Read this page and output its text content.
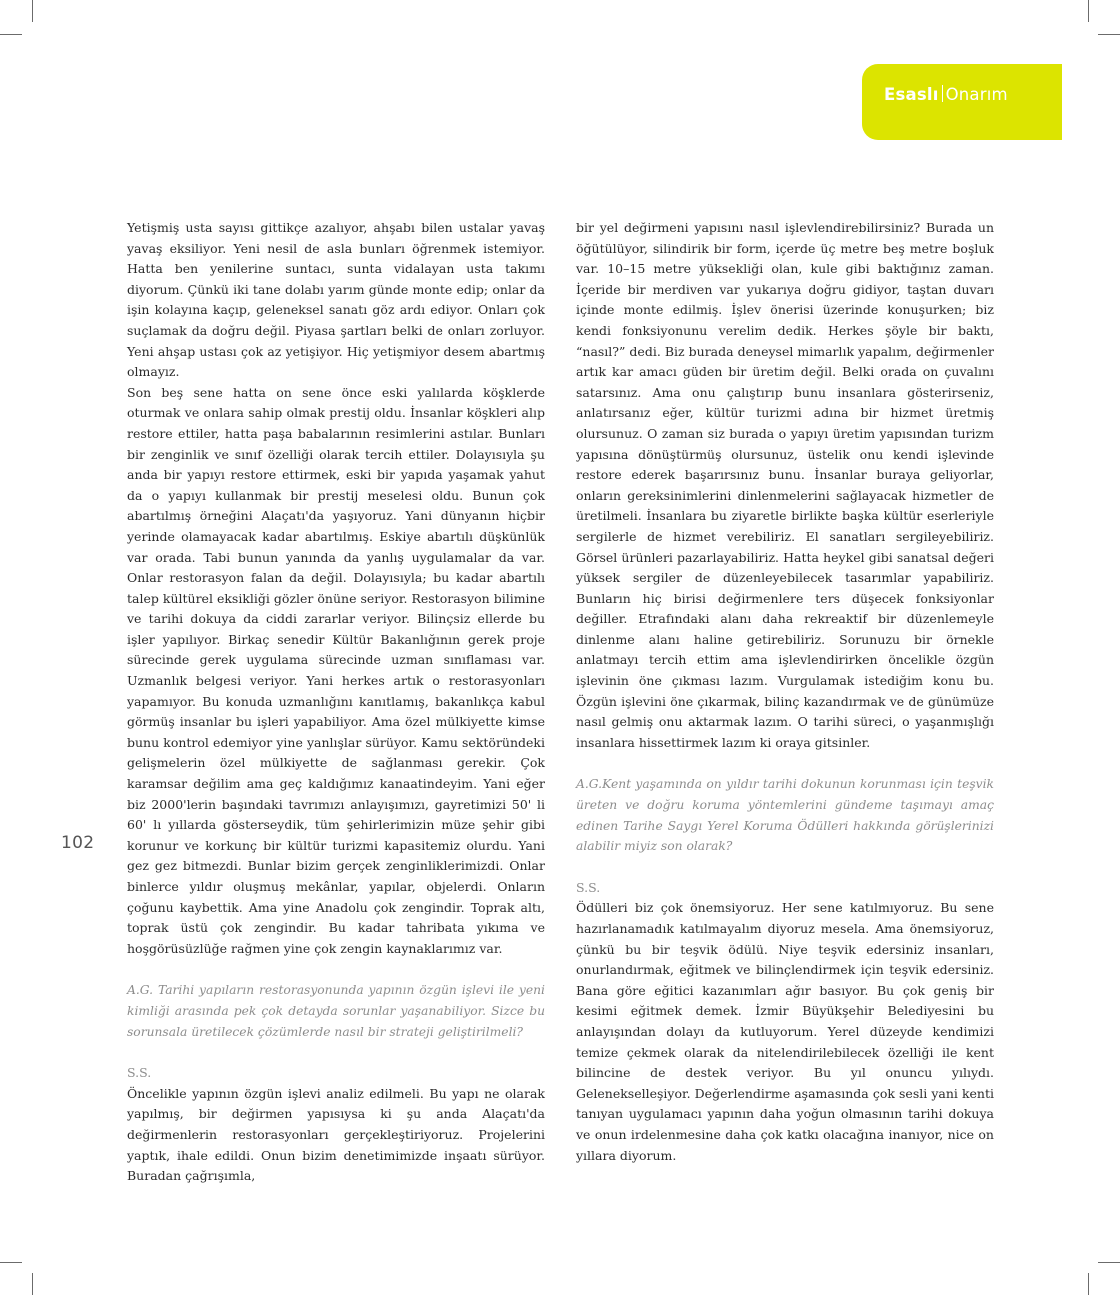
Esaslı Onarım
102

Yetişmiş usta sayısı gittikçe azalıyor, ahşabı bilen ustalar yavaş yavaş eksiliyor. Yeni nesil de asla bunları öğrenmek istemiyor. Hatta ben yenilerine suntacı, sunta vidalayan usta takımı diyorum. Çünkü iki tane dolabı yarım günde monte edip; onlar da işin kolayına kaçıp, geleneksel sanatı göz ardı ediyor. Onları çok suçlamak da doğru değil. Piyasa şartları belki de onları zorluyor. Yeni ahşap ustası çok az yetişiyor. Hiç yetişmiyor desem abartmış olmayız.

Son beş sene hatta on sene önce eski yalılarda köşklerde oturmak ve onlara sahip olmak prestij oldu. İnsanlar köşkleri alıp restore ettiler, hatta paşa babalarının resimlerini astılar. Bunları bir zenginlik ve sınıf özelliği olarak tercih ettiler. Dolayısıyla şu anda bir yapıyı restore ettirmek, eski bir yapıda yaşamak yahut da o yapıyı kullanmak bir prestij meselesi oldu. Bunun çok abartılmış örneğini Alaçatı'da yaşıyoruz. Yani dünyanın hiçbir yerinde olamayacak kadar abartılmış. Eskiye abartılı düşkünlük var orada. Tabi bunun yanında da yanlış uygulamalar da var. Onlar restorasyon falan da değil. Dolayısıyla; bu kadar abartılı talep kültürel eksikliği gözler önüne seriyor. Restorasyon bilimine ve tarihi dokuya da ciddi zararlar veriyor. Bilinçsiz ellerde bu işler yapılıyor. Birkaç senedir Kültür Bakanlığının gerek proje sürecinde gerek uygulama sürecinde uzman sınıflaması var. Uzmanlık belgesi veriyor. Yani herkes artık o restorasyonları yapamıyor. Bu konuda uzmanlığını kanıtlamış, bakanlıkça kabul görmüş insanlar bu işleri yapabiliyor. Ama özel mülkiyette kimse bunu kontrol edemiyor yine yanlışlar sürüyor. Kamu sektöründeki gelişmelerin özel mülkiyette de sağlanması gerekir. Çok karamsar değilim ama geç kaldığımız kanaatindeyim. Yani eğer biz 2000'lerin başındaki tavrımızı anlayışımızı, gayretimizi 50' li 60' lı yıllarda gösterseydik, tüm şehirlerimizin müze şehir gibi korunur ve korkunç bir kültür turizmi kapasitemiz olurdu. Yani gez gez bitmezdi. Bunlar bizim gerçek zenginliklerimizdi. Onlar binlerce yıldır oluşmuş mekânlar, yapılar, objelerdi. Onların çoğunu kaybettik. Ama yine Anadolu çok zengindir. Toprak altı, toprak üstü çok zengindir. Bu kadar tahribata yıkıma ve hoşgörüsüzlüğe rağmen yine çok zengin kaynaklarımız var.

A.G. Tarihi yapıların restorasyonunda yapının özgün işlevi ile yeni kimliği arasında pek çok detayda sorunlar yaşanabiliyor. Sizce bu sorunsala üretilecek çözümlerde nasıl bir strateji geliştirilmeli?

S.S.

Öncelikle yapının özgün işlevi analiz edilmeli. Bu yapı ne olarak yapılmış, bir değirmen yapısıysa ki şu anda Alaçatı'da değirmenlerin restorasyonları gerçekleştiriyoruz. Projelerini yaptık, ihale edildi. Onun bizim denetimimizde inşaatı sürüyor. Buradan çağrışımla,

bir yel değirmeni yapısını nasıl işlevlendirebilirsiniz? Burada un öğütülüyor, silindirik bir form, içerde üç metre beş metre boşluk var. 10–15 metre yüksekliği olan, kule gibi baktığınız zaman. İçeride bir merdiven var yukarıya doğru gidiyor, taştan duvarı içinde monte edilmiş. İşlev önerisi üzerinde konuşurken; biz kendi fonksiyonunu verelim dedik. Herkes şöyle bir baktı, “nasıl?” dedi. Biz burada deneysel mimarlık yapalım, değirmenler artık kar amacı güden bir üretim değil. Belki orada on çuvalını satarsınız. Ama onu çalıştırıp bunu insanlara gösterirseniz, anlatırsanız eğer, kültür turizmi adına bir hizmet üretmiş olursunuz. O zaman siz burada o yapıyı üretim yapısından turizm yapısına dönüştürmüş olursunuz, üstelik onu kendi işlevinde restore ederek başarırsınız bunu. İnsanlar buraya geliyorlar, onların gereksinimlerini dinlenmelerini sağlayacak hizmetler de üretilmeli. İnsanlara bu ziyaretle birlikte başka kültür eserleriyle sergilerle de hizmet verebiliriz. El sanatları sergileyebiliriz. Görsel ürünleri pazarlayabiliriz. Hatta heykel gibi sanatsal değeri yüksek sergiler de düzenleyebilecek tasarımlar yapabiliriz. Bunların hiç birisi değirmenlere ters düşecek fonksiyonlar değiller. Etrafındaki alanı daha rekreaktif bir düzenlemeyle dinlenme alanı haline getirebiliriz. Sorunuzu bir örnekle anlatmayı tercih ettim ama işlevlendirirken öncelikle özgün işlevinin öne çıkması lazım. Vurgulamak istediğim konu bu. Özgün işlevini öne çıkarmak, bilinç kazandırmak ve de günümüze nasıl gelmiş onu aktarmak lazım. O tarihi süreci, o yaşanmışlığı insanlara hissettirmek lazım ki oraya gitsinler.

A.G.Kent yaşamında on yıldır tarihi dokunun korunması için teşvik üreten ve doğru koruma yöntemlerini gündeme taşımayı amaç edinen Tarihe Saygı Yerel Koruma Ödülleri hakkında görüşlerinizi alabilir miyiz son olarak?

S.S.

Ödülleri biz çok önemsiyoruz. Her sene katılmıyoruz. Bu sene hazırlanamadık katılmayalım diyoruz mesela. Ama önemsiyoruz, çünkü bu bir teşvik ödülü. Niye teşvik edersiniz insanları, onurlandırmak, eğitmek ve bilinçlendirmek için teşvik edersiniz. Bana göre eğitici kazanımları ağır basıyor. Bu çok geniş bir kesimi eğitmek demek. İzmir Büyükşehir Belediyesini bu anlayışından dolayı da kutluyorum. Yerel düzeyde kendimizi temize çekmek olarak da nitelendirilebilecek özelliği ile kent bilincine de destek veriyor. Bu yıl onuncu yılıydı. Gelenekselleşiyor. Değerlendirme aşamasında çok sesli yani kenti tanıyan uygulamacı yapının daha yoğun olmasının tarihi dokuya ve onun irdelenmesine daha çok katkı olacağına inanıyor, nice on yıllara diyorum.
